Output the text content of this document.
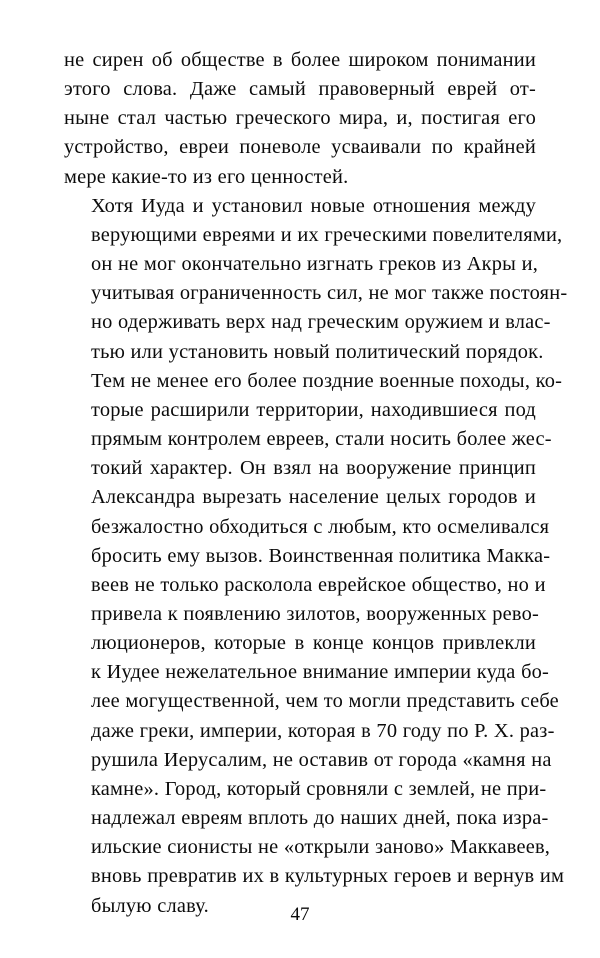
не сирен об обществе в более широком понимании
этого слова. Даже самый правоверный еврей от-
ныне стал частью греческого мира, и, постигая его
устройство, евреи поневоле усваивали по крайней
мере какие-то из его ценностей.
Хотя Иуда и установил новые отношения между
верующими евреями и их греческими повелителями,
он не мог окончательно изгнать греков из Акры и,
учитывая ограниченность сил, не мог также постоян-
но одерживать верх над греческим оружием и влас-
тью или установить новый политический порядок.
Тем не менее его более поздние военные походы, ко-
торые расширили территории, находившиеся под
прямым контролем евреев, стали носить более жес-
токий характер. Он взял на вооружение принцип
Александра вырезать население целых городов и
безжалостно обходиться с любым, кто осмеливался
бросить ему вызов. Воинственная политика Макка-
веев не только расколола еврейское общество, но и
привела к появлению зилотов, вооруженных рево-
люционеров, которые в конце концов привлекли
к Иудее нежелательное внимание империи куда бо-
лее могущественной, чем то могли представить себе
даже греки, империи, которая в 70 году по Р. Х. раз-
рушила Иерусалим, не оставив от города «камня на
камне». Город, который сровняли с землей, не при-
надлежал евреям вплоть до наших дней, пока изра-
ильские сионисты не «открыли заново» Маккавеев,
вновь превратив их в культурных героев и вернув им
былую славу.	47
